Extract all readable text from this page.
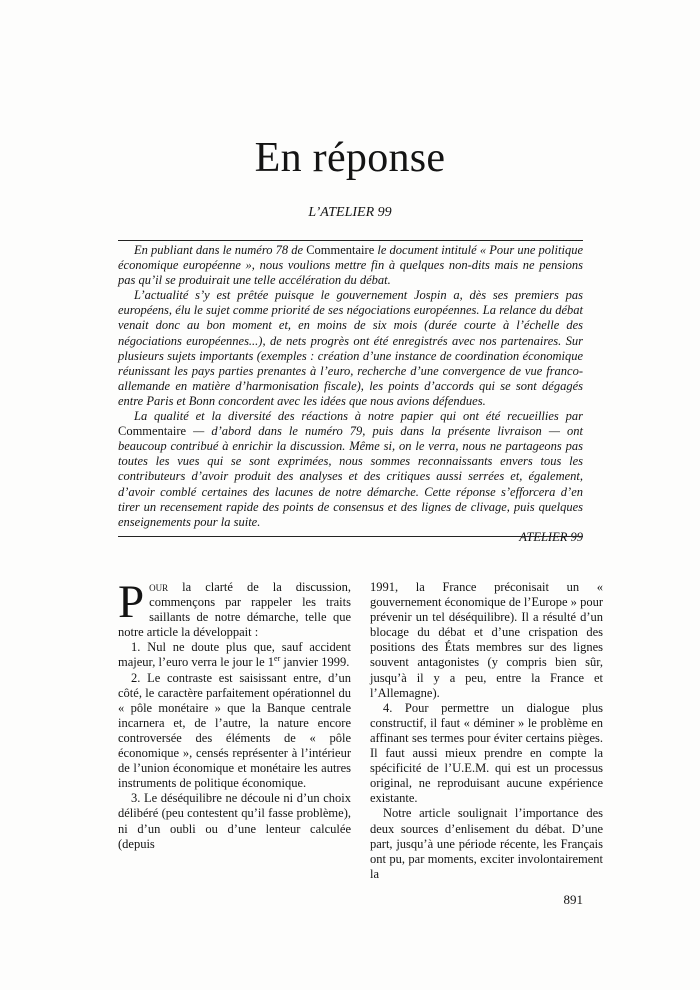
En réponse
L’ATELIER 99

En publiant dans le numéro 78 de Commentaire le document intitulé « Pour une politique économique européenne », nous voulions mettre fin à quelques non-dits mais ne pensions pas qu’il se produirait une telle accélération du débat.

L’actualité s’y est prêtée puisque le gouvernement Jospin a, dès ses premiers pas européens, élu le sujet comme priorité de ses négociations européennes. La relance du débat venait donc au bon moment et, en moins de six mois (durée courte à l’échelle des négociations européennes...), de nets progrès ont été enregistrés avec nos partenaires. Sur plusieurs sujets importants (exemples : création d’une instance de coordination économique réunissant les pays parties prenantes à l’euro, recherche d’une convergence de vue franco-allemande en matière d’harmonisation fiscale), les points d’accords qui se sont dégagés entre Paris et Bonn concordent avec les idées que nous avions défendues.

La qualité et la diversité des réactions à notre papier qui ont été recueillies par Commentaire — d’abord dans le numéro 79, puis dans la présente livraison — ont beaucoup contribué à enrichir la discussion. Même si, on le verra, nous ne partageons pas toutes les vues qui se sont exprimées, nous sommes reconnaissants envers tous les contributeurs d’avoir produit des analyses et des critiques aussi serrées et, également, d’avoir comblé certaines des lacunes de notre démarche. Cette réponse s’efforcera d’en tirer un recensement rapide des points de consensus et des lignes de clivage, puis quelques enseignements pour la suite.

ATELIER 99

Pour la clarté de la discussion, commençons par rappeler les traits saillants de notre démarche, telle que notre article la développait :

1. Nul ne doute plus que, sauf accident majeur, l’euro verra le jour le 1er janvier 1999.

2. Le contraste est saisissant entre, d’un côté, le caractère parfaitement opérationnel du « pôle monétaire » que la Banque centrale incarnera et, de l’autre, la nature encore controversée des éléments de « pôle économique », censés représenter à l’intérieur de l’union économique et monétaire les autres instruments de politique économique.

3. Le déséquilibre ne découle ni d’un choix délibéré (peu contestent qu’il fasse problème), ni d’un oubli ou d’une lenteur calculée (depuis

1991, la France préconisait un « gouvernement économique de l’Europe » pour prévenir un tel déséquilibre). Il a résulté d’un blocage du débat et d’une crispation des positions des États membres sur des lignes souvent antagonistes (y compris bien sûr, jusqu’à il y a peu, entre la France et l’Allemagne).

4. Pour permettre un dialogue plus constructif, il faut « déminer » le problème en affinant ses termes pour éviter certains pièges. Il faut aussi mieux prendre en compte la spécificité de l’U.E.M. qui est un processus original, ne reproduisant aucune expérience existante.

Notre article soulignait l’importance des deux sources d’enlisement du débat. D’une part, jusqu’à une période récente, les Français ont pu, par moments, exciter involontairement la

891
